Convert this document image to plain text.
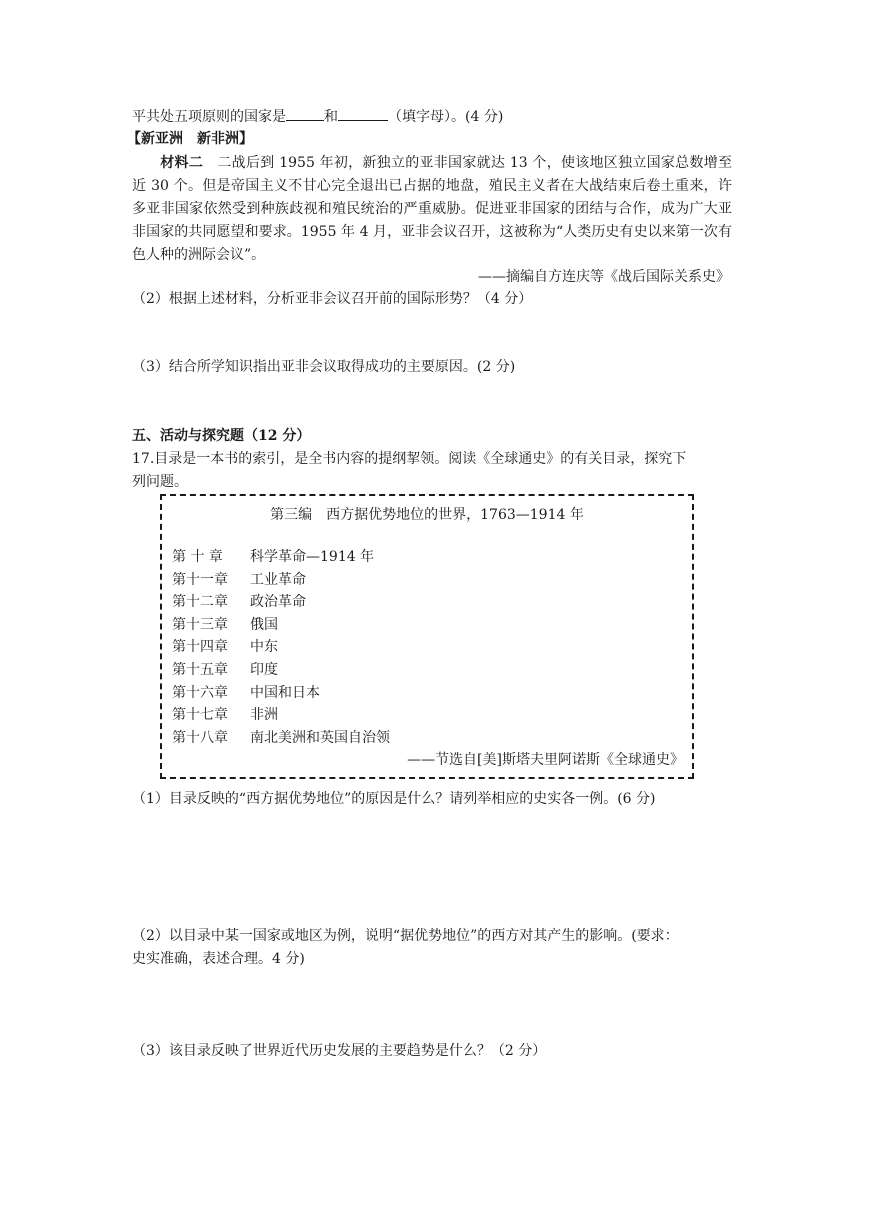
平共处五项原则的国家是	和	（填字母）。(4 分)
【新亚洲　新非洲】
材料二　 二战后到 1955 年初，新独立的亚非国家就达 13 个，使该地区独立国家总数增至近 30 个。但是帝国主义不甘心完全退出已占据的地盘，殖民主义者在大战结束后卷土重来，许多亚非国家依然受到种族歧视和殖民统治的严重威胁。促进亚非国家的团结与合作，成为广大亚非国家的共同愿望和要求。1955 年 4 月，亚非会议召开，这被称为“人类历史有史以来第一次有色人种的洲际会议”。
——摘编自方连庆等《战后国际关系史》
（2）根据上述材料，分析亚非会议召开前的国际形势？（4 分）
（3）结合所学知识指出亚非会议取得成功的主要原因。(2 分)
五、活动与探究题（12 分）
17.目录是一本书的索引，是全书内容的提纲挈领。阅读《全球通史》的有关目录，探究下
列问题。
第三编　西方据优势地位的世界，1763—1914 年
第 十 章 科学革命—1914 年
第十一章 工业革命
第十二章 政治革命
第十三章 俄国
第十四章 中东
第十五章 印度
第十六章 中国和日本
第十七章 非洲
第十八章 南北美洲和英国自治领
——节选自[美]斯塔夫里阿诺斯《全球通史》
（1）目录反映的“西方据优势地位”的原因是什么？请列举相应的史实各一例。(6 分)
（2）以目录中某一国家或地区为例，说明“据优势地位”的西方对其产生的影响。(要求：
史实准确，表述合理。4 分)
（3）该目录反映了世界近代历史发展的主要趋势是什么？（2 分）
